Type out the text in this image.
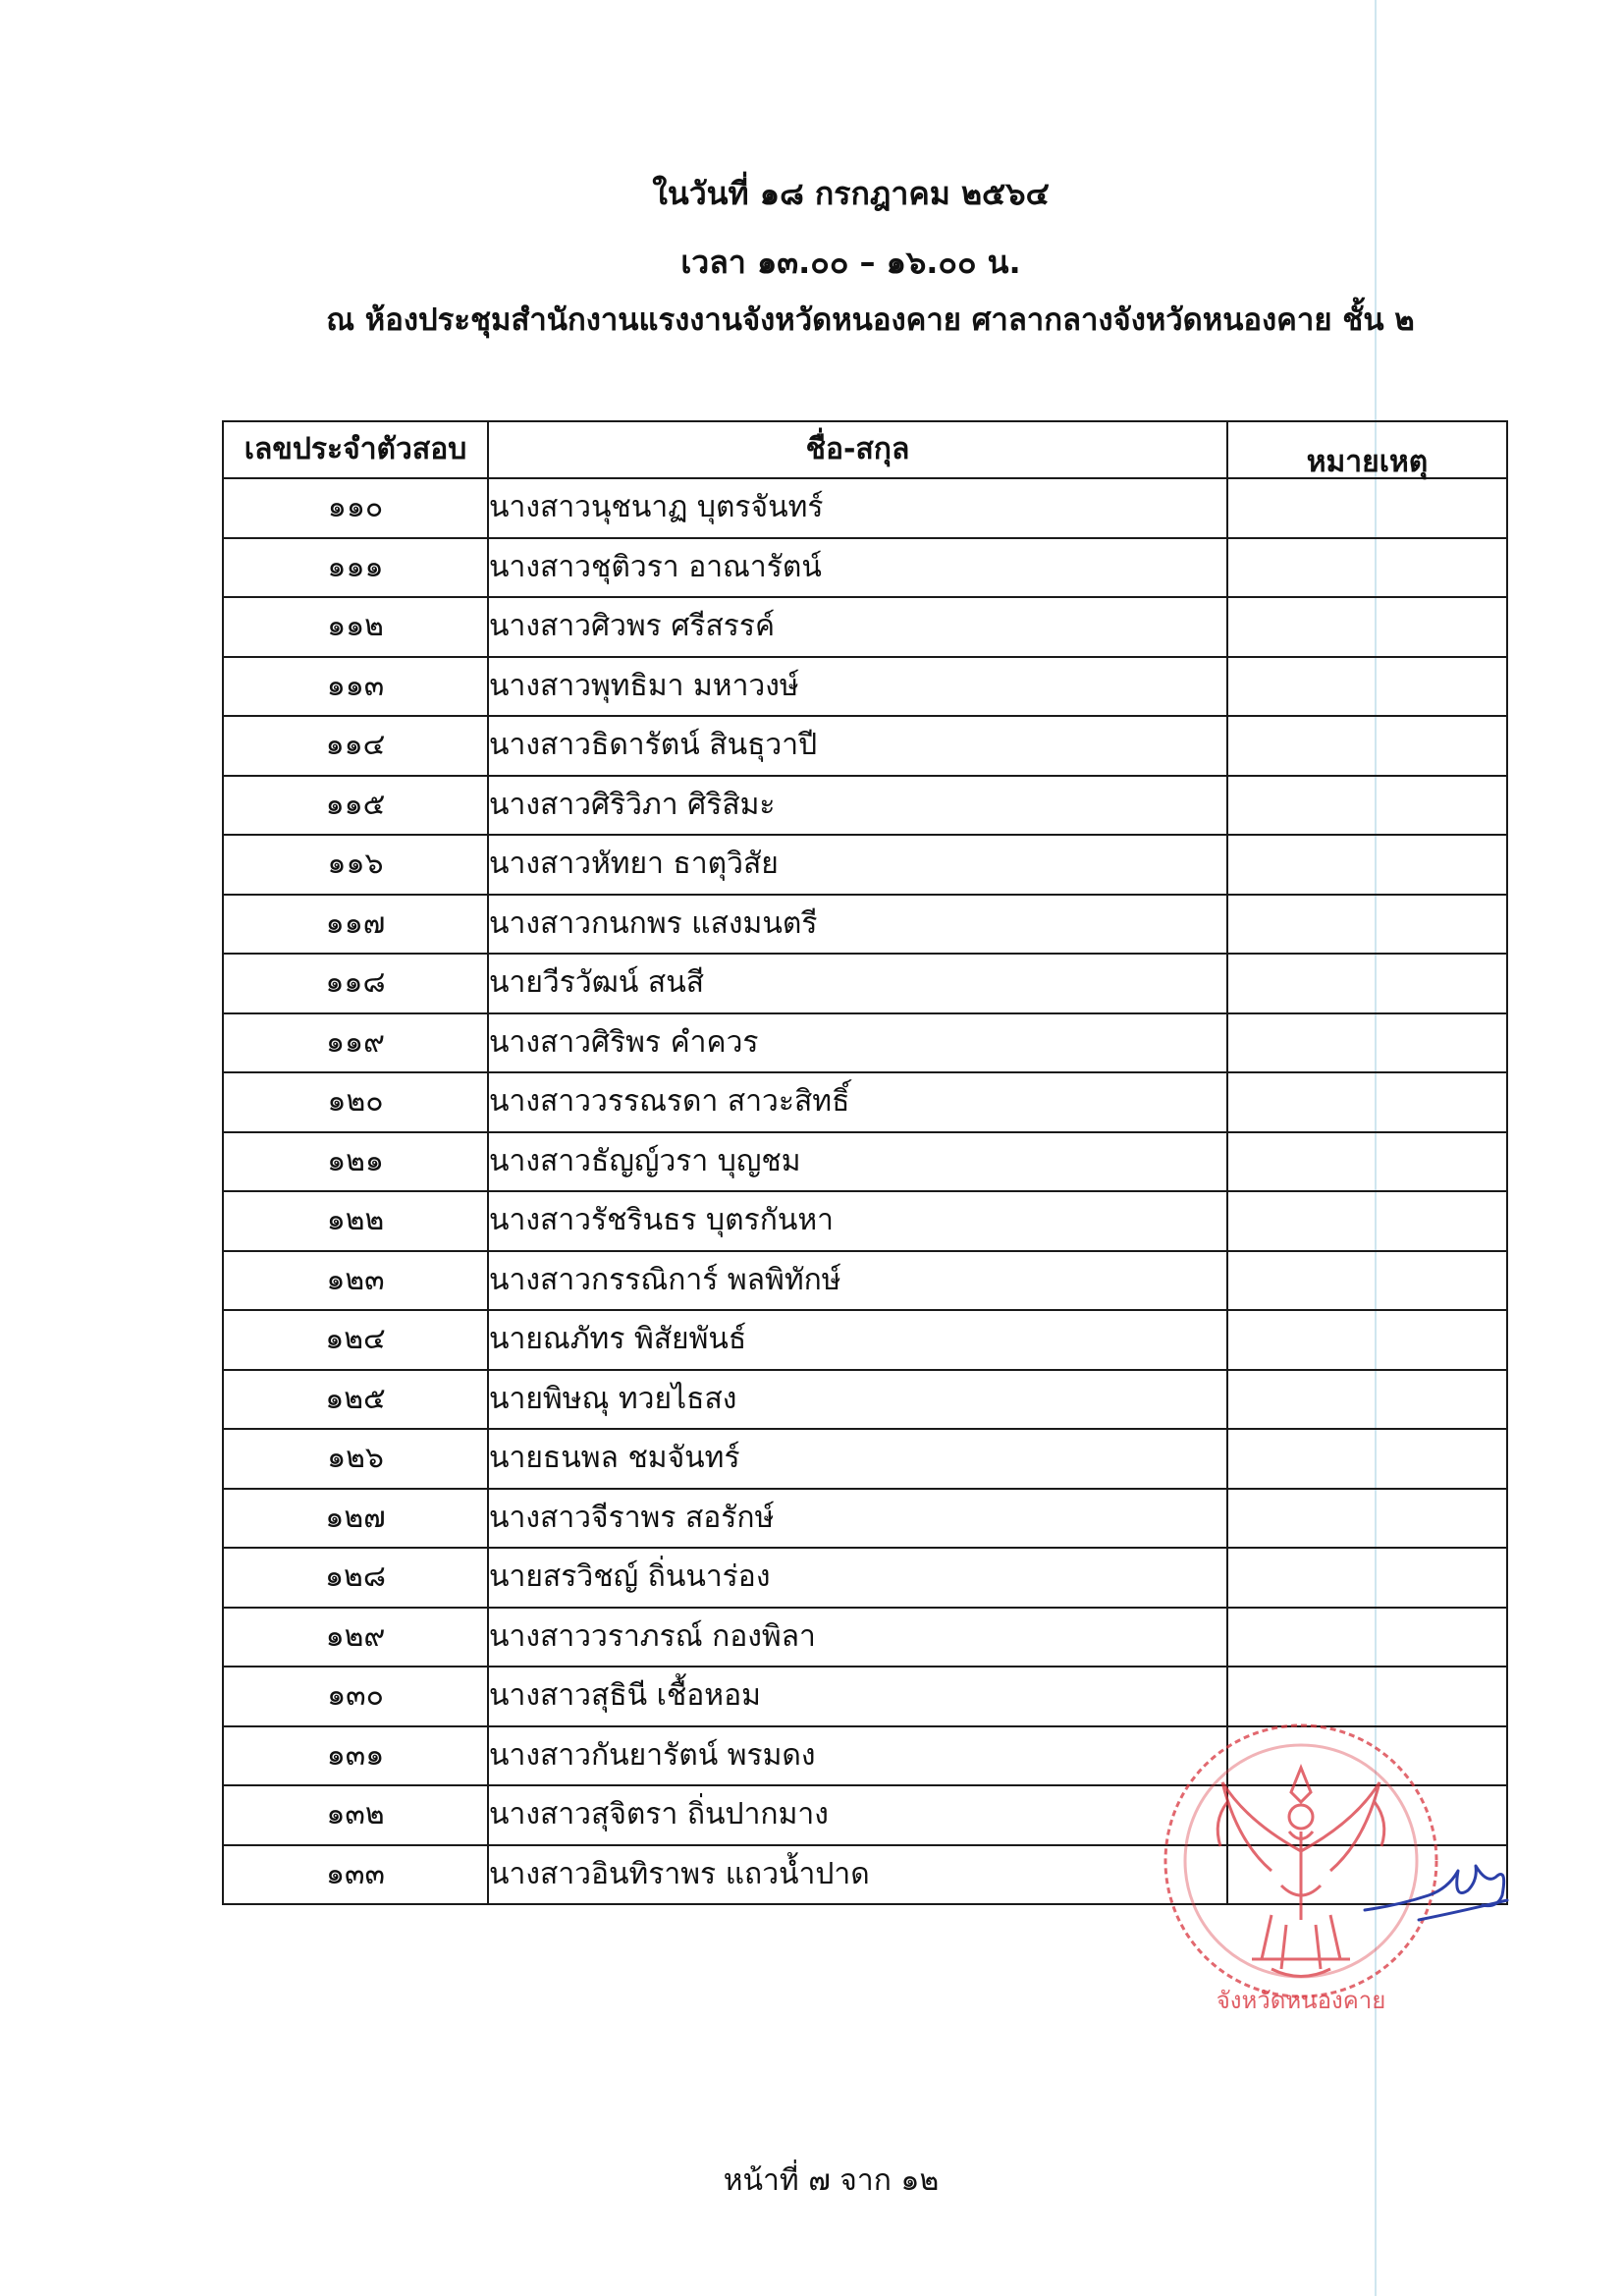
ในวันที่ ๑๘ กรกฎาคม ๒๕๖๔
เวลา ๑๓.๐๐ – ๑๖.๐๐ น.
ณ ห้องประชุมสำนักงานแรงงานจังหวัดหนองคาย ศาลากลางจังหวัดหนองคาย ชั้น ๒
เลขประจำตัวสอบ	ชื่อ-สกุล	หมายเหตุ
๑๑๐	นางสาวนุชนาฏ บุตรจันทร์	
๑๑๑	นางสาวชุติวรา อาณารัตน์	
๑๑๒	นางสาวศิวพร ศรีสรรค์	
๑๑๓	นางสาวพุทธิมา มหาวงษ์	
๑๑๔	นางสาวธิดารัตน์ สินธุวาปี	
๑๑๕	นางสาวศิริวิภา ศิริสิมะ	
๑๑๖	นางสาวหัทยา ธาตุวิสัย	
๑๑๗	นางสาวกนกพร แสงมนตรี	
๑๑๘	นายวีรวัฒน์ สนสี	
๑๑๙	นางสาวศิริพร คำควร	
๑๒๐	นางสาววรรณรดา สาวะสิทธิ์	
๑๒๑	นางสาวธัญญ์วรา บุญชม	
๑๒๒	นางสาวรัชรินธร บุตรกันหา	
๑๒๓	นางสาวกรรณิการ์ พลพิทักษ์	
๑๒๔	นายณภัทร พิสัยพันธ์	
๑๒๕	นายพิษณุ ทวยไธสง	
๑๒๖	นายธนพล ชมจันทร์	
๑๒๗	นางสาวจีราพร สอรักษ์	
๑๒๘	นายสรวิชญ์ ถิ่นนาร่อง	
๑๒๙	นางสาววราภรณ์ กองพิลา	
๑๓๐	นางสาวสุธินี เชื้อหอม	
๑๓๑	นางสาวกันยารัตน์ พรมดง	
๑๓๒	นางสาวสุจิตรา ถิ่นปากมาง	
๑๓๓	นางสาวอินทิราพร แถวน้ำปาด	
จังหวัดหนองคาย
หน้าที่ ๗ จาก ๑๒
